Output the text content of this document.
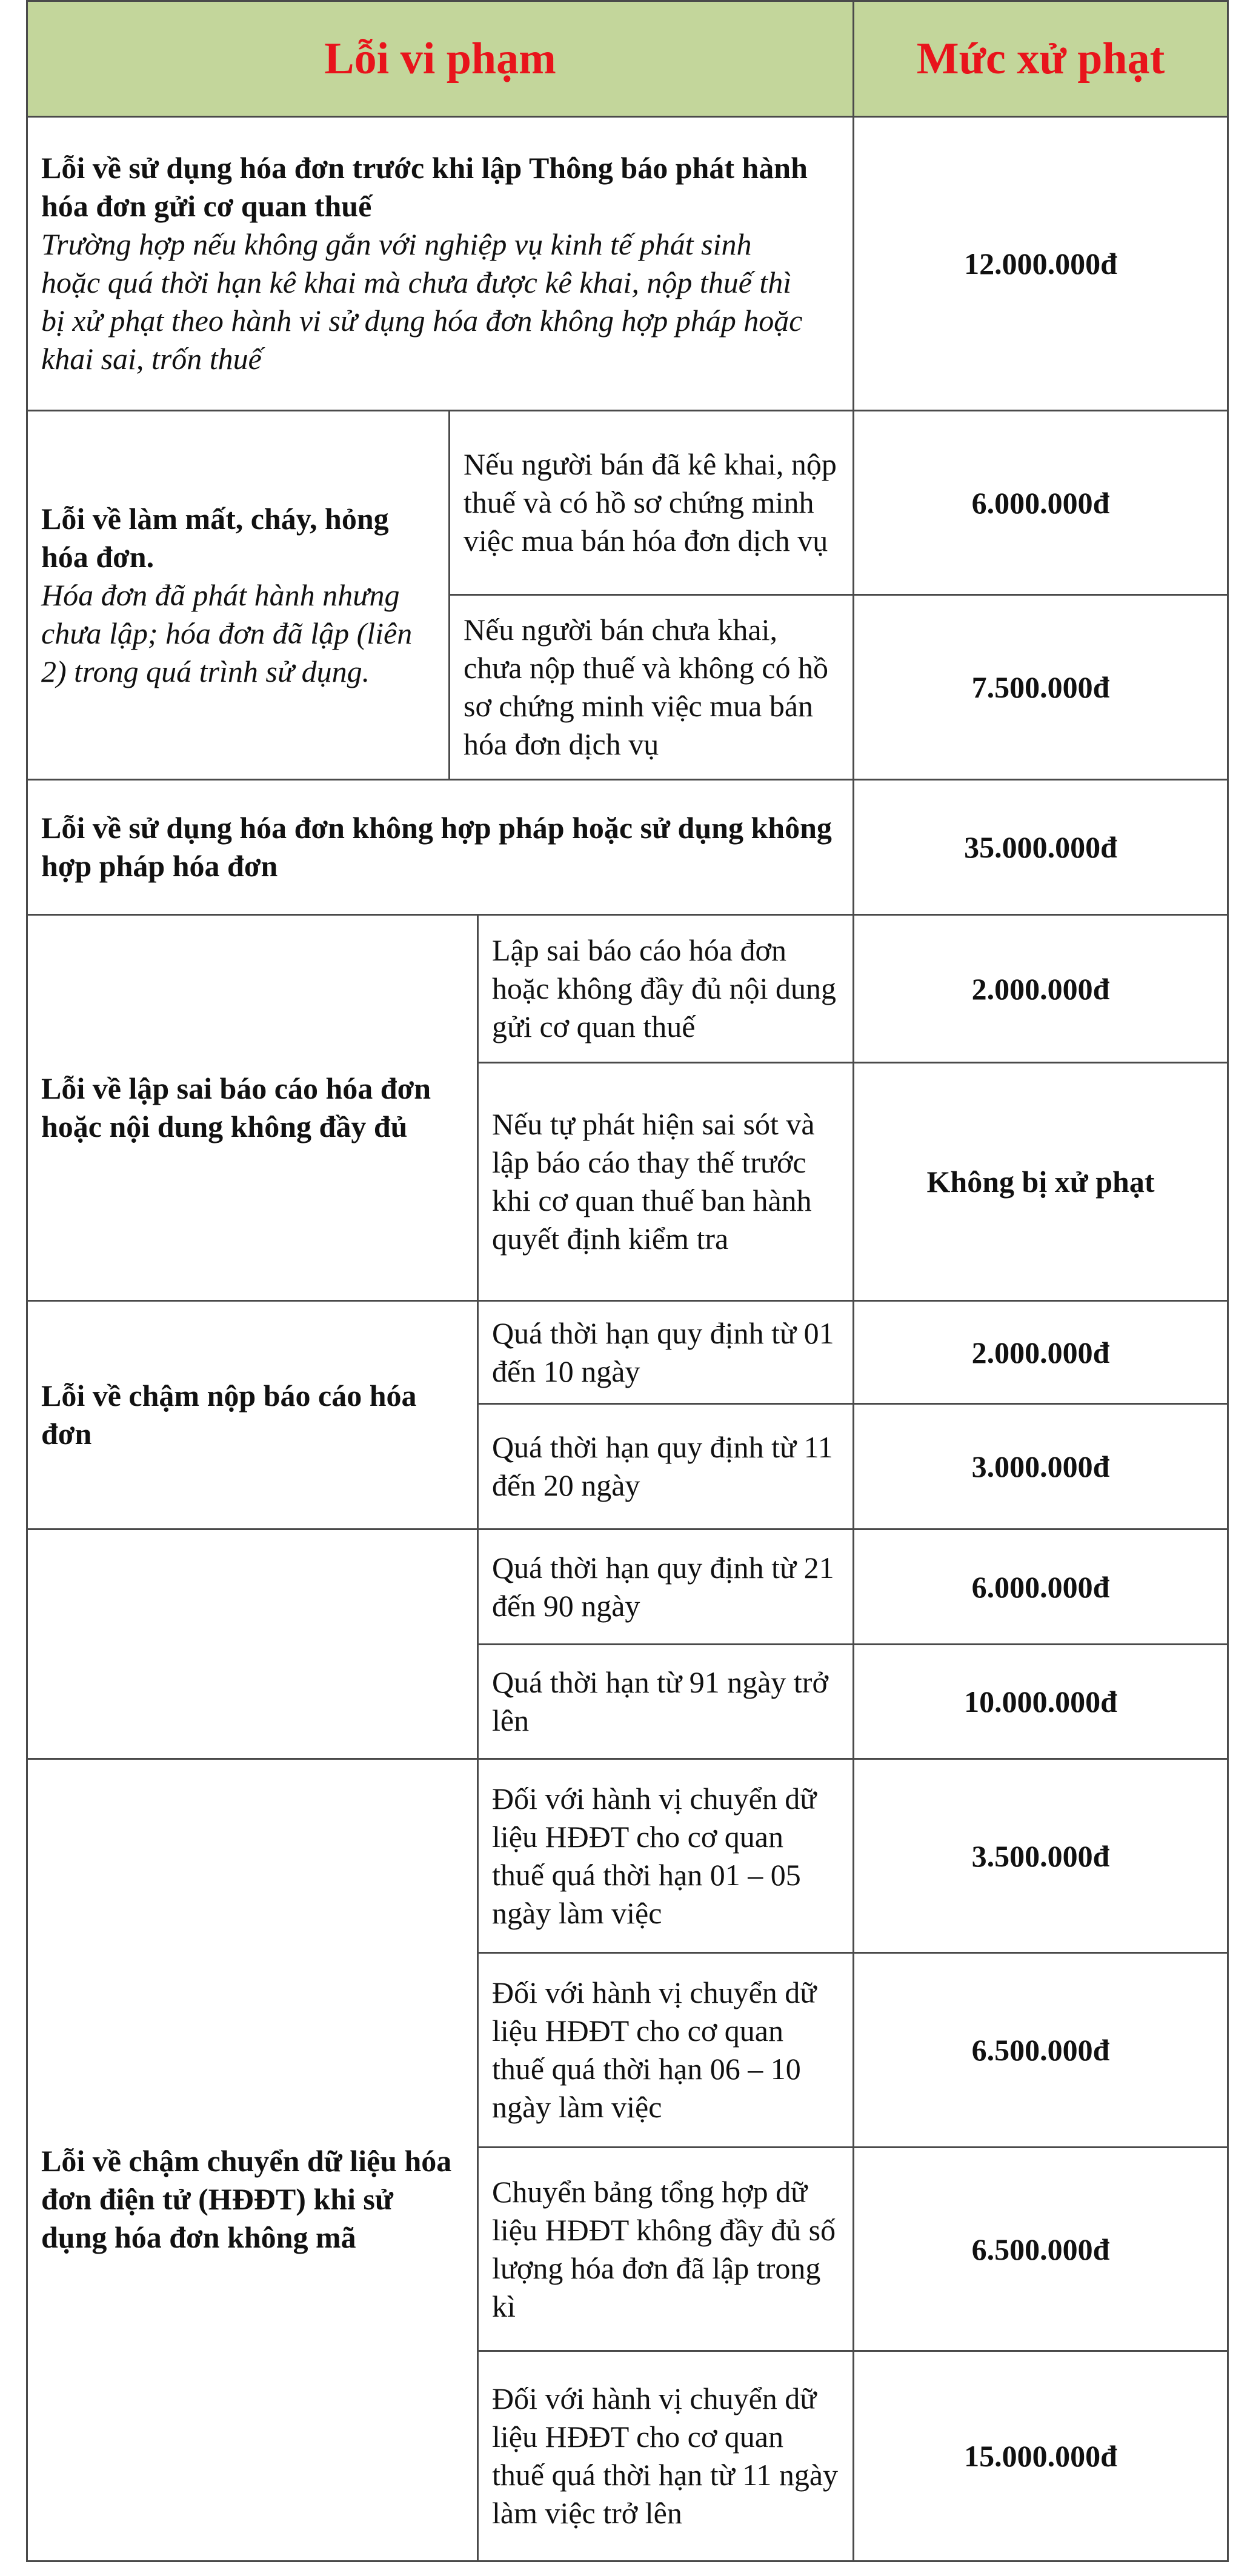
Lỗi vi phạm	Mức xử phạt
Lỗi về sử dụng hóa đơn trước khi lập Thông báo phát hành hóa đơn gửi cơ quan thuế
Trường hợp nếu không gắn với nghiệp vụ kinh tế phát sinh hoặc quá thời hạn kê khai mà chưa được kê khai, nộp thuế thì bị xử phạt theo hành vi sử dụng hóa đơn không hợp pháp hoặc khai sai, trốn thuế
12.000.000đ
Lỗi về làm mất, cháy, hỏng hóa đơn.
Hóa đơn đã phát hành nhưng chưa lập; hóa đơn đã lập (liên 2) trong quá trình sử dụng.
Nếu người bán đã kê khai, nộp thuế và có hồ sơ chứng minh việc mua bán hóa đơn dịch vụ
6.000.000đ
Nếu người bán chưa khai, chưa nộp thuế và không có hồ sơ chứng minh việc mua bán hóa đơn dịch vụ
7.500.000đ
Lỗi về sử dụng hóa đơn không hợp pháp hoặc sử dụng không hợp pháp hóa đơn
35.000.000đ
Lỗi về lập sai báo cáo hóa đơn hoặc nội dung không đầy đủ
Lập sai báo cáo hóa đơn hoặc không đầy đủ nội dung gửi cơ quan thuế
2.000.000đ
Nếu tự phát hiện sai sót và lập báo cáo thay thế trước khi cơ quan thuế ban hành quyết định kiểm tra
Không bị xử phạt
Lỗi về chậm nộp báo cáo hóa đơn
Quá thời hạn quy định từ 01 đến 10 ngày
2.000.000đ
Quá thời hạn quy định từ 11 đến 20 ngày
3.000.000đ
Quá thời hạn quy định từ 21 đến 90 ngày
6.000.000đ
Quá thời hạn từ 91 ngày trở lên
10.000.000đ
Lỗi về chậm chuyển dữ liệu hóa đơn điện tử (HĐĐT) khi sử dụng hóa đơn không mã
Đối với hành vị chuyển dữ liệu HĐĐT cho cơ quan thuế quá thời hạn 01 – 05 ngày làm việc
3.500.000đ
Đối với hành vị chuyển dữ liệu HĐĐT cho cơ quan thuế quá thời hạn 06 – 10 ngày làm việc
6.500.000đ
Chuyển bảng tổng hợp dữ liệu HĐĐT không đầy đủ số lượng hóa đơn đã lập trong kì
6.500.000đ
Đối với hành vị chuyển dữ liệu HĐĐT cho cơ quan thuế quá thời hạn từ 11 ngày làm việc trở lên
15.000.000đ
